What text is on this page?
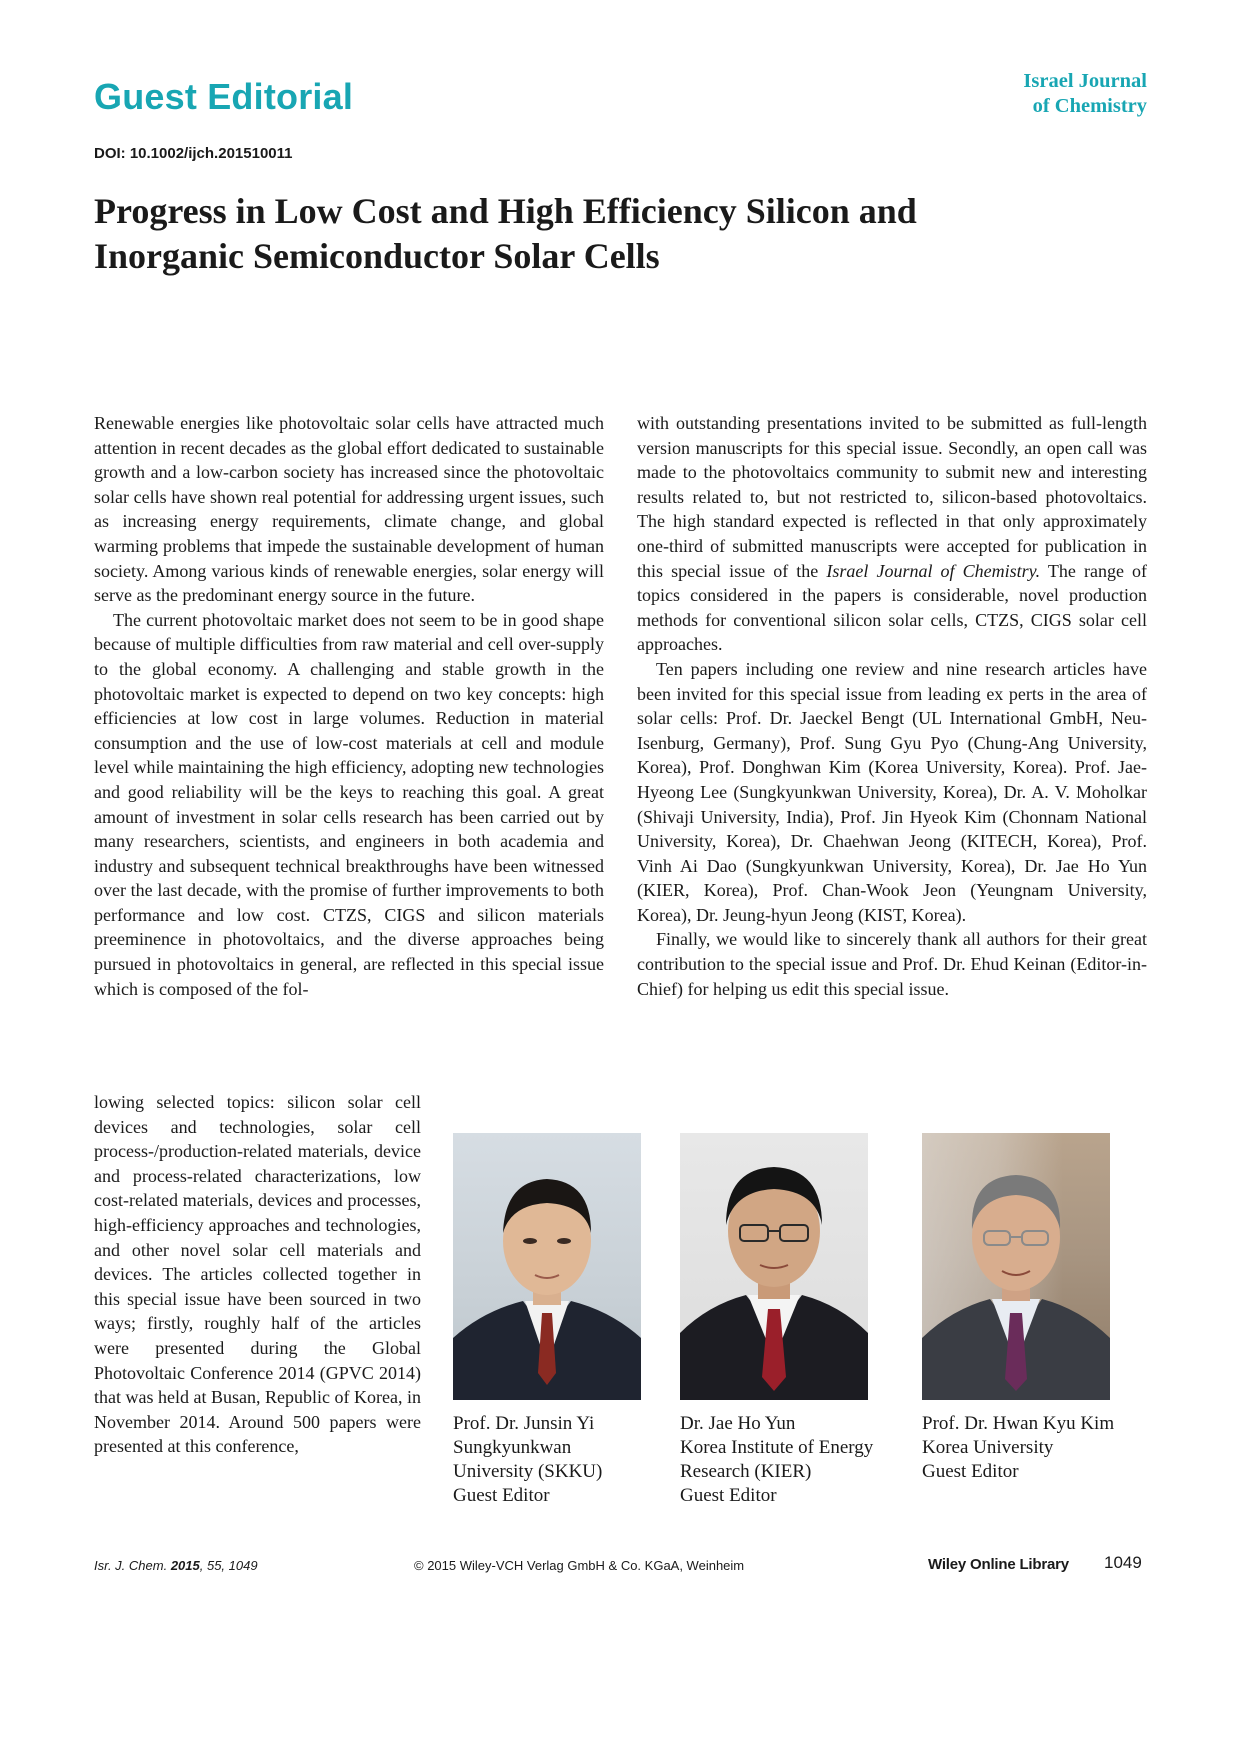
Guest Editorial	Israel Journal
of Chemistry
DOI: 10.1002/ijch.201510011
Progress in Low Cost and High Efficiency Silicon and
Inorganic Semiconductor Solar Cells

Renewable energies like photovoltaic solar cells have attracted much attention in recent decades as the global effort dedicated to sustainable growth and a low-carbon society has increased since the photovoltaic solar cells have shown real potential for addressing urgent issues, such as increasing energy requirements, climate change, and global warming problems that impede the sustainable development of human society. Among various kinds of renewable energies, solar energy will serve as the predominant energy source in the future.

The current photovoltaic market does not seem to be in good shape because of multiple difficulties from raw material and cell over-supply to the global economy. A challenging and stable growth in the photovoltaic market is expected to depend on two key concepts: high efficiencies at low cost in large volumes. Reduction in material consumption and the use of low-cost materials at cell and module level while maintaining the high efficiency, adopting new technologies and good reliability will be the keys to reaching this goal. A great amount of investment in solar cells research has been carried out by many researchers, scientists, and engineers in both academia and industry and subsequent technical breakthroughs have been witnessed over the last decade, with the promise of further improvements to both performance and low cost. CTZS, CIGS and silicon materials preeminence in photovoltaics, and the diverse approaches being pursued in photovoltaics in general, are reflected in this special issue which is composed of the fol-

lowing selected topics: silicon solar cell devices and technologies, solar cell process-/production-related materials, device and process-related characterizations, low cost-related materials, devices and processes, high-efficiency approaches and technologies, and other novel solar cell materials and devices. The articles collected together in this special issue have been sourced in two ways; firstly, roughly half of the articles were presented during the Global Photovoltaic Conference 2014 (GPVC 2014) that was held at Busan, Republic of Korea, in November 2014. Around 500 papers were presented at this conference,

with outstanding presentations invited to be submitted as full-length version manuscripts for this special issue. Secondly, an open call was made to the photovoltaics community to submit new and interesting results related to, but not restricted to, silicon-based photovoltaics. The high standard expected is reflected in that only approximately one-third of submitted manuscripts were accepted for publication in this special issue of the Israel Journal of Chemistry. The range of topics considered in the papers is considerable, novel production methods for conventional silicon solar cells, CTZS, CIGS solar cell approaches.

Ten papers including one review and nine research articles have been invited for this special issue from leading ex perts in the area of solar cells: Prof. Dr. Jaeckel Bengt (UL International GmbH, Neu-Isenburg, Germany), Prof. Sung Gyu Pyo (Chung-Ang University, Korea), Prof. Donghwan Kim (Korea University, Korea). Prof. Jae-Hyeong Lee (Sungkyunkwan University, Korea), Dr. A. V. Moholkar (Shivaji University, India), Prof. Jin Hyeok Kim (Chonnam National University, Korea), Dr. Chaehwan Jeong (KITECH, Korea), Prof. Vinh Ai Dao (Sungkyunkwan University, Korea), Dr. Jae Ho Yun (KIER, Korea), Prof. Chan-Wook Jeon (Yeungnam University, Korea), Dr. Jeung-hyun Jeong (KIST, Korea).

Finally, we would like to sincerely thank all authors for their great contribution to the special issue and Prof. Dr. Ehud Keinan (Editor-in-Chief) for helping us edit this special issue.

Prof. Dr. Junsin Yi
Sungkyunkwan
University (SKKU)
Guest Editor
Dr. Jae Ho Yun
Korea Institute of Energy
Research (KIER)
Guest Editor
Prof. Dr. Hwan Kyu Kim
Korea University
Guest Editor
Isr. J. Chem. 2015, 55, 1049	© 2015 Wiley-VCH Verlag GmbH & Co. KGaA, Weinheim	Wiley Online Library 1049
